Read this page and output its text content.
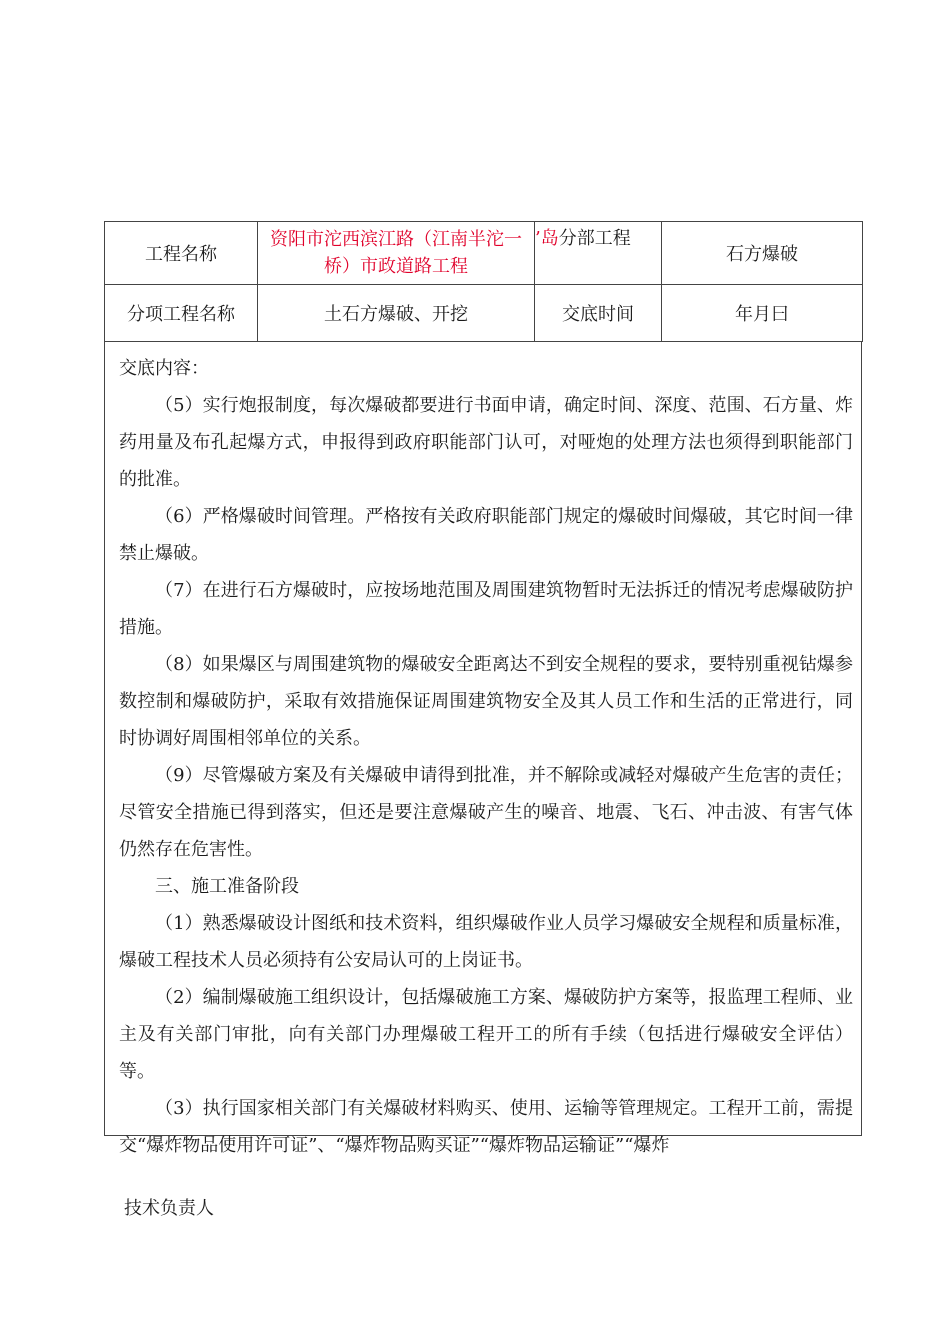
工程名称	资阳市沱西滨江路（江南半沱一桥）市政道路工程	’岛分部工程	石方爆破
分项工程名称	土石方爆破、开挖	交底时间	年月曰

交底内容：

（5）实行炮报制度，每次爆破都要进行书面申请，确定时间、深度、范围、石方量、炸药用量及布孔起爆方式，申报得到政府职能部门认可，对哑炮的处理方法也须得到职能部门的批准。

（6）严格爆破时间管理。严格按有关政府职能部门规定的爆破时间爆破，其它时间一律禁止爆破。

（7）在进行石方爆破时，应按场地范围及周围建筑物暂时无法拆迁的情况考虑爆破防护措施。

（8）如果爆区与周围建筑物的爆破安全距离达不到安全规程的要求，要特别重视钻爆参数控制和爆破防护，采取有效措施保证周围建筑物安全及其人员工作和生活的正常进行，同时协调好周围相邻单位的关系。

（9）尽管爆破方案及有关爆破申请得到批准，并不解除或减轻对爆破产生危害的责任；尽管安全措施已得到落实，但还是要注意爆破产生的噪音、地震、飞石、冲击波、有害气体仍然存在危害性。

三、施工准备阶段

（1）熟悉爆破设计图纸和技术资料，组织爆破作业人员学习爆破安全规程和质量标准，爆破工程技术人员必须持有公安局认可的上岗证书。

（2）编制爆破施工组织设计，包括爆破施工方案、爆破防护方案等，报监理工程师、业主及有关部门审批，向有关部门办理爆破工程开工的所有手续（包括进行爆破安全评估）等。

（3）执行国家相关部门有关爆破材料购买、使用、运输等管理规定。工程开工前，需提交“爆炸物品使用许可证”、“爆炸物品购买证”“爆炸物品运输证”“爆炸

技术负责人
